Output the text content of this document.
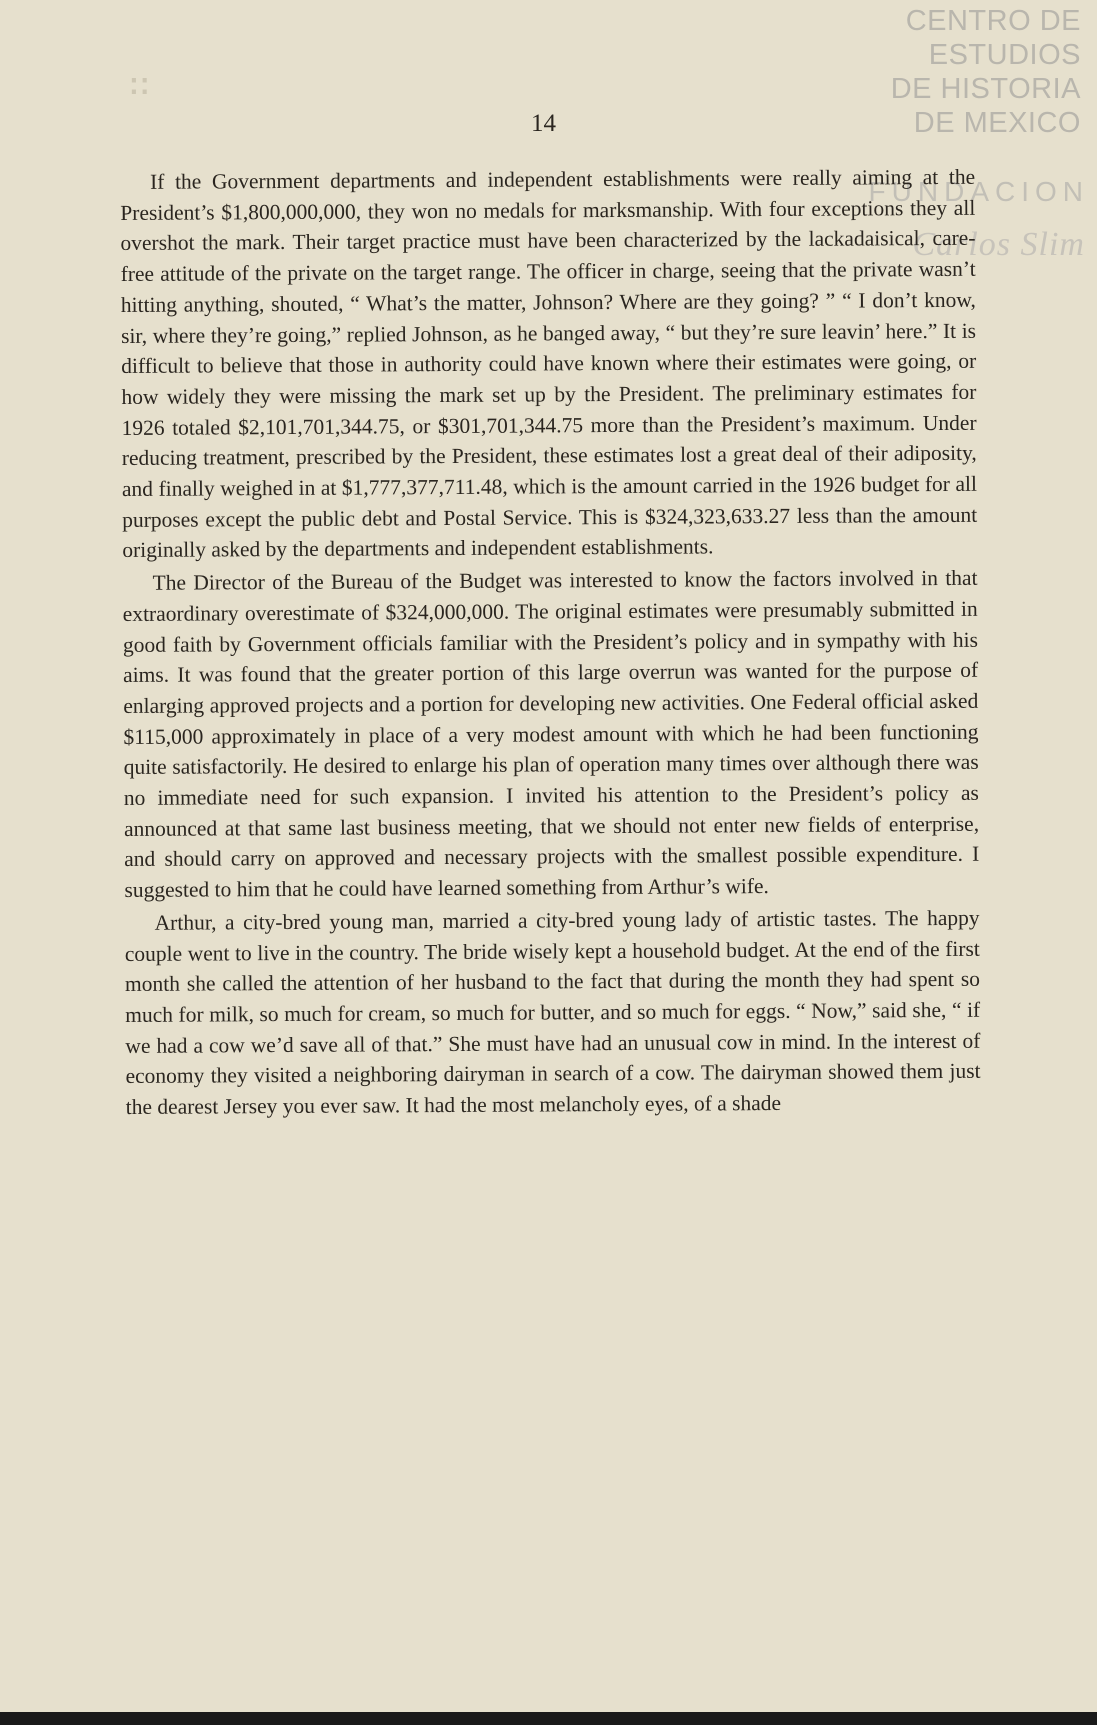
∶∶
CENTRO DE
ESTUDIOS
DE HISTORIA
DE MEXICO
FUNDACION
Carlos Slim
14

If the Government departments and independent establishments were really aiming at the President’s $1,800,000,000, they won no medals for marksmanship. With four exceptions they all overshot the mark. Their target practice must have been characterized by the lackadaisical, care-free attitude of the private on the target range. The officer in charge, seeing that the private wasn’t hitting anything, shouted, “ What’s the matter, Johnson? Where are they going? ” “ I don’t know, sir, where they’re going,” replied Johnson, as he banged away, “ but they’re sure leavin’ here.” It is difficult to believe that those in authority could have known where their estimates were going, or how widely they were missing the mark set up by the President. The preliminary estimates for 1926 totaled $2,101,701,344.75, or $301,701,344.75 more than the President’s maximum. Under reducing treatment, prescribed by the President, these estimates lost a great deal of their adiposity, and finally weighed in at $1,777,377,711.48, which is the amount carried in the 1926 budget for all purposes except the public debt and Postal Service. This is $324,323,633.27 less than the amount originally asked by the departments and independent establishments.

The Director of the Bureau of the Budget was interested to know the factors involved in that extraordinary overestimate of $324,000,000. The original estimates were presumably submitted in good faith by Government officials familiar with the President’s policy and in sympathy with his aims. It was found that the greater portion of this large overrun was wanted for the purpose of enlarging approved projects and a portion for developing new activities. One Federal official asked $115,000 approximately in place of a very modest amount with which he had been functioning quite satisfactorily. He desired to enlarge his plan of operation many times over although there was no immediate need for such expansion. I invited his attention to the President’s policy as announced at that same last business meeting, that we should not enter new fields of enterprise, and should carry on approved and necessary projects with the smallest possible expenditure. I suggested to him that he could have learned something from Arthur’s wife.

Arthur, a city-bred young man, married a city-bred young lady of artistic tastes. The happy couple went to live in the country. The bride wisely kept a household budget. At the end of the first month she called the attention of her husband to the fact that during the month they had spent so much for milk, so much for cream, so much for butter, and so much for eggs. “ Now,” said she, “ if we had a cow we’d save all of that.” She must have had an unusual cow in mind. In the interest of economy they visited a neighboring dairyman in search of a cow. The dairyman showed them just the dearest Jersey you ever saw. It had the most melancholy eyes, of a shade
